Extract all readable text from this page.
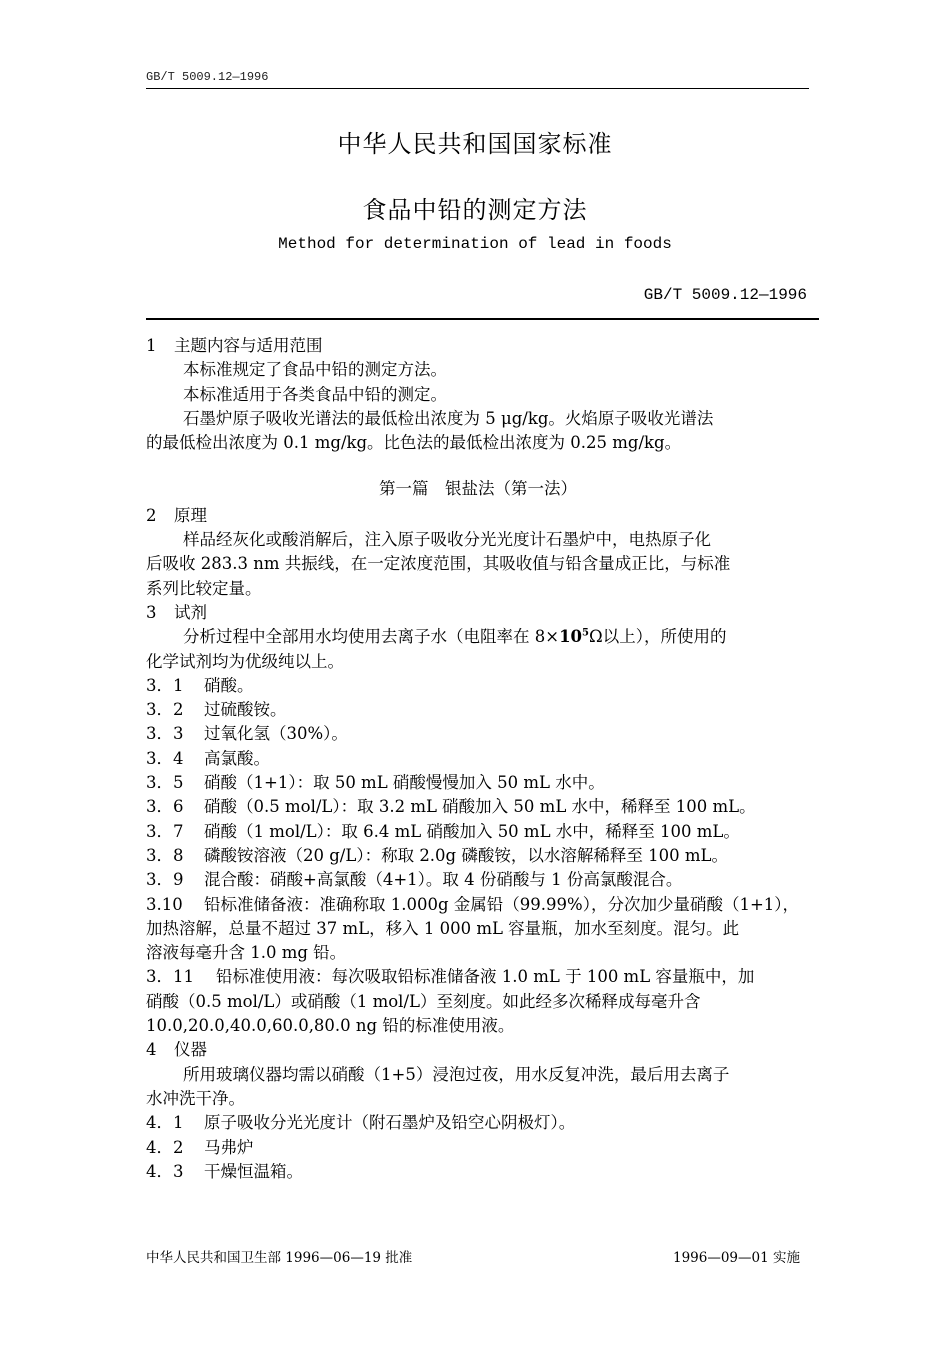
GB/T 5009.12—1996
中华人民共和国国家标准
食品中铅的测定方法
Method for determination of lead in foods
GB/T 5009.12—1996
1 主题内容与适用范围
本标准规定了食品中铅的测定方法。
本标准适用于各类食品中铅的测定。
石墨炉原子吸收光谱法的最低检出浓度为 5 μg/kg。火焰原子吸收光谱法
的最低检出浓度为 0.1 mg/kg。比色法的最低检出浓度为 0.25 mg/kg。
第一篇　银盐法（第一法）
2 原理
样品经灰化或酸消解后，注入原子吸收分光光度计石墨炉中，电热原子化
后吸收 283.3 nm 共振线，在一定浓度范围，其吸收值与铅含量成正比，与标准
系列比较定量。
3 试剂
分析过程中全部用水均使用去离子水（电阻率在 $8\times 10^5\Omega$以上），所使用的
化学试剂均为优级纯以上。
3．1 硝酸。
3．2 过硫酸铵。
3．3 过氧化氢（30%）。
3．4 高氯酸。
3．5 硝酸（1+1）：取 50 mL 硝酸慢慢加入 50 mL 水中。
3．6 硝酸（0.5 mol/L）：取 3.2 mL 硝酸加入 50 mL 水中，稀释至 100 mL。
3．7 硝酸（1 mol/L）：取 6.4 mL 硝酸加入 50 mL 水中，稀释至 100 mL。
3．8 磷酸铵溶液（20 g/L）：称取 2.0g 磷酸铵，以水溶解稀释至 100 mL。
3．9 混合酸：硝酸+高氯酸（4+1）。取 4 份硝酸与 1 份高氯酸混合。
3.10 铅标准储备液：准确称取 1.000g 金属铅（99.99%），分次加少量硝酸（1+1），
加热溶解，总量不超过 37 mL，移入 1 000 mL 容量瓶，加水至刻度。混匀。此
溶液每毫升含 1.0 mg 铅。
3．11 铅标准使用液：每次吸取铅标准储备液 1.0 mL 于 100 mL 容量瓶中，加
硝酸（0.5 mol/L）或硝酸（1 mol/L）至刻度。如此经多次稀释成每毫升含
10.0,20.0,40.0,60.0,80.0 ng 铅的标准使用液。
4 仪器
所用玻璃仪器均需以硝酸（1+5）浸泡过夜，用水反复冲洗，最后用去离子
水冲洗干净。
4．1 原子吸收分光光度计（附石墨炉及铅空心阴极灯）。
4．2 马弗炉
4．3 干燥恒温箱。
中华人民共和国卫生部 1996—06—19 批准	1996—09—01 实施
